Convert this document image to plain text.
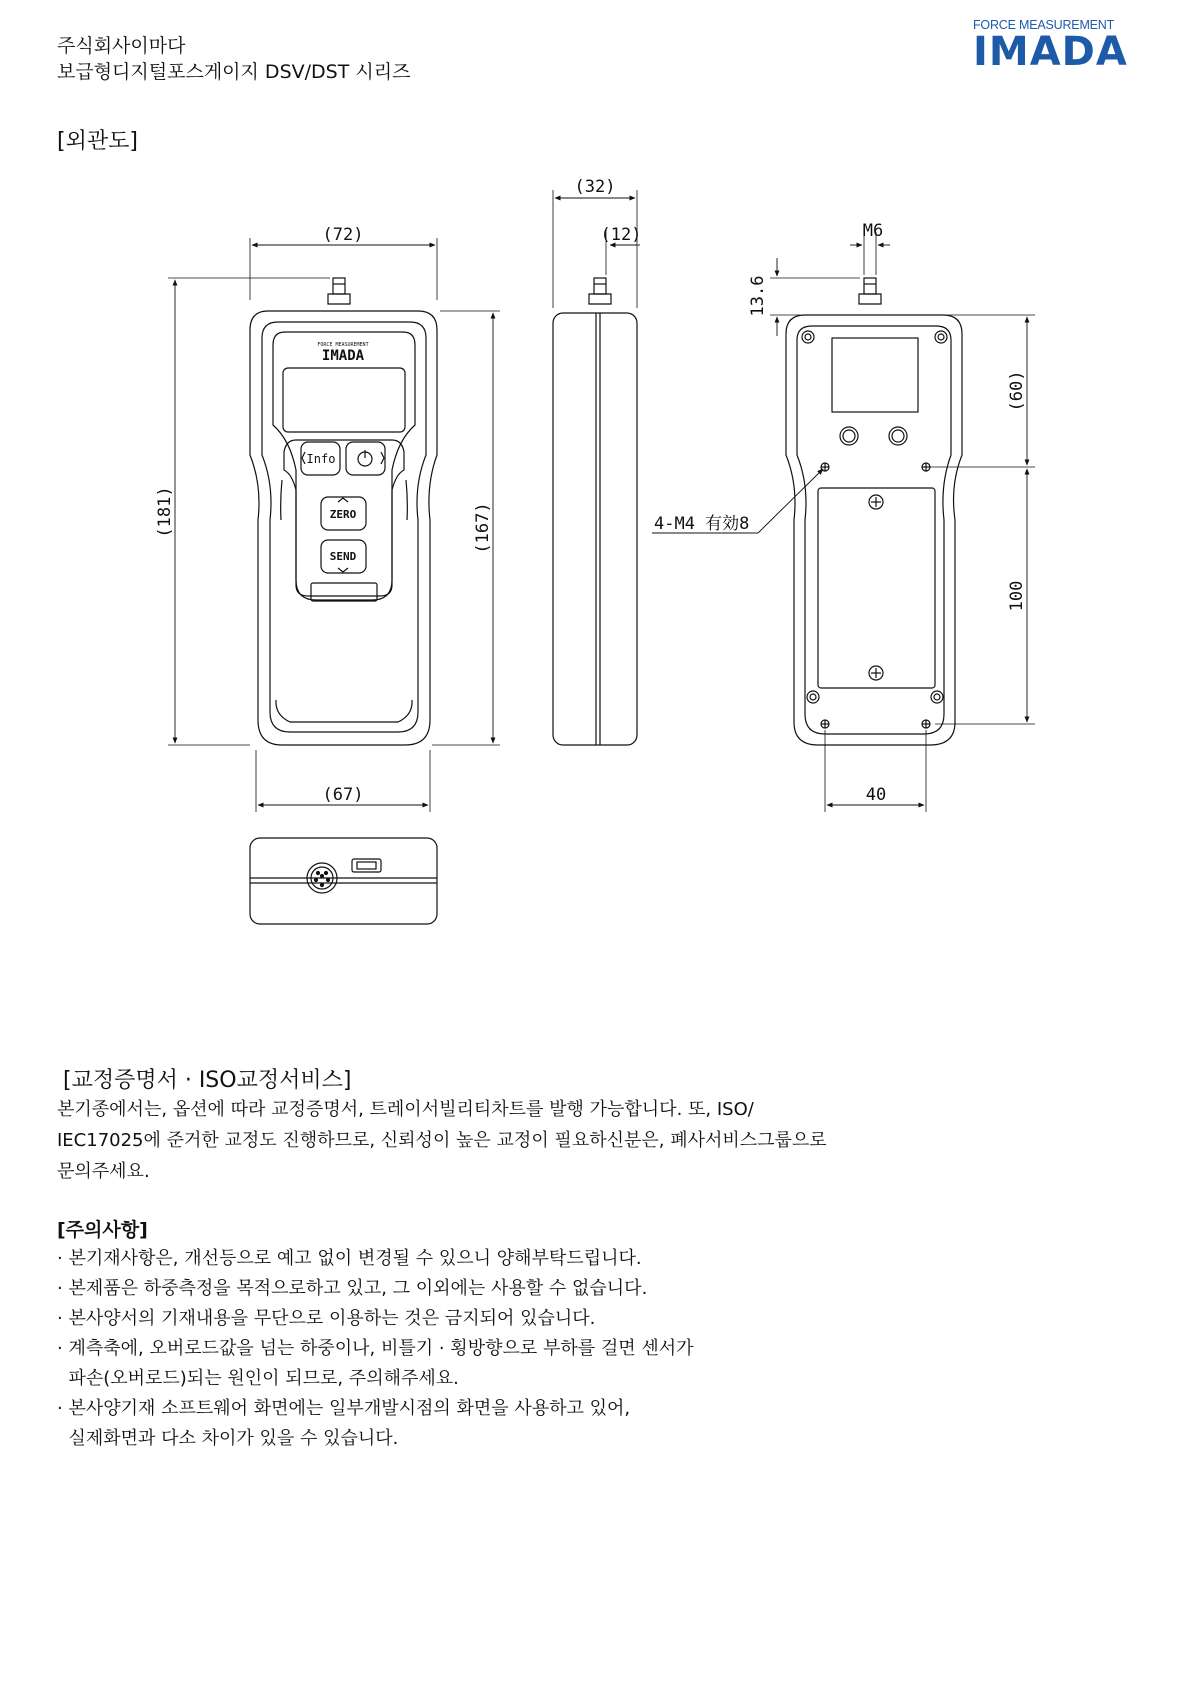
주식회사이마다
보급형디지털포스게이지 DSV/DST 시리즈
FORCE MEASUREMENT
IMADA
[외관도]
(72)
(181)	(167)
(67)
(32)
(12)	M6
13.6
(60)
100
40
4-M4 有効8
FORCE MEASUREMENT
IMADA
Info
ZERO
SEND
[교정증명서 · ISO교정서비스]
본기종에서는, 옵션에 따라 교정증명서, 트레이서빌리티차트를 발행 가능합니다. 또, ISO/
IEC17025에 준거한 교정도 진행하므로, 신뢰성이 높은 교정이 필요하신분은, 폐사서비스그룹으로
문의주세요.
[주의사항]
· 본기재사항은, 개선등으로 예고 없이 변경될 수 있으니 양해부탁드립니다.
· 본제품은 하중측정을 목적으로하고 있고, 그 이외에는 사용할 수 없습니다.
· 본사양서의 기재내용을 무단으로 이용하는 것은 금지되어 있습니다.
· 계측축에, 오버로드값을 넘는 하중이나, 비틀기 · 횡방향으로 부하를 걸면 센서가
파손(오버로드)되는 원인이 되므로, 주의해주세요.
· 본사양기재 소프트웨어 화면에는 일부개발시점의 화면을 사용하고 있어,
실제화면과 다소 차이가 있을 수 있습니다.
